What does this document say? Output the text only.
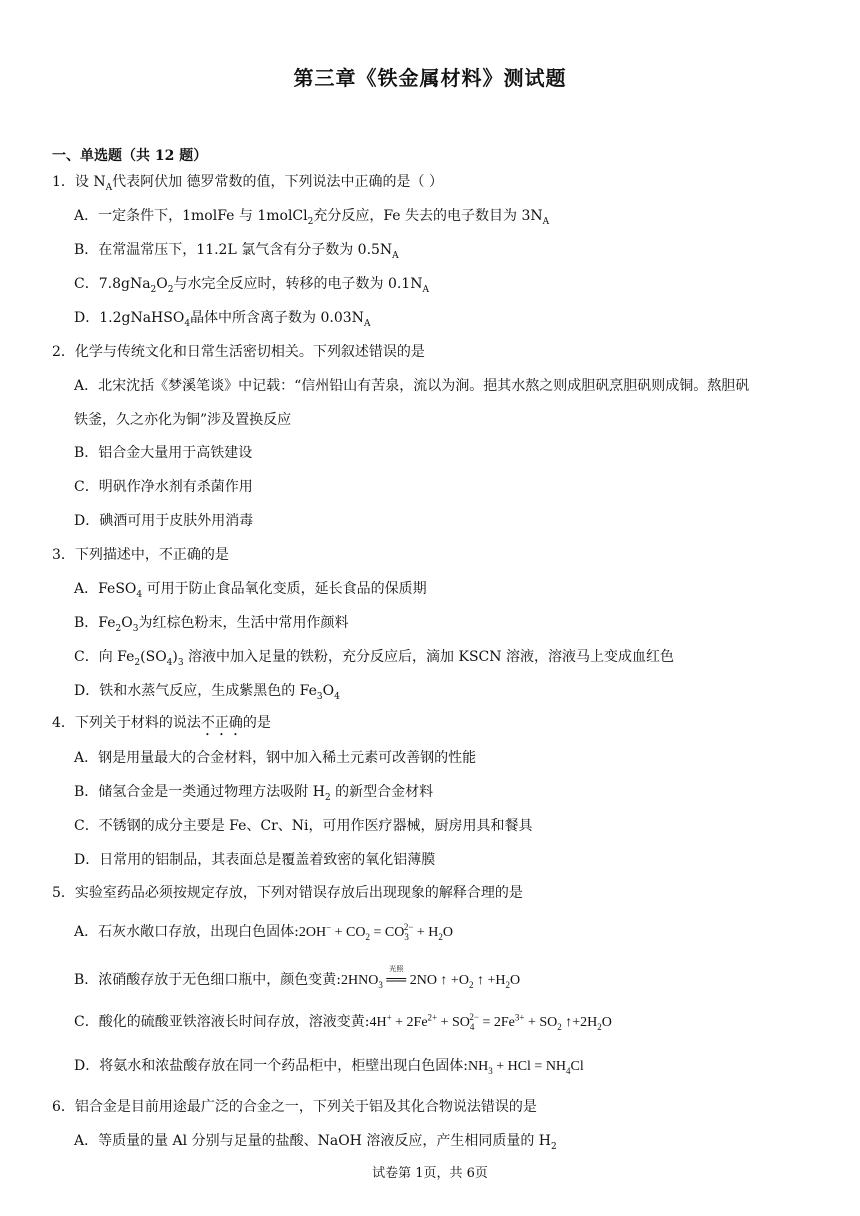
第三章《铁金属材料》测试题
一、单选题（共 12 题）
1．设 $N_A$代表阿伏加 德罗常数的值，下列说法中正确的是（ ）
A．一定条件下，1molFe 与 1molCl$_2$充分反应，Fe 失去的电子数目为 $3N_A$
B．在常温常压下，11.2L 氯气含有分子数为 $0.5N_A$
C．$7.8gNa_2O_2$与水完全反应时，转移的电子数为 $0.1N_A$
D．1.2gNaHSO$_4$晶体中所含离子数为 $0.03N_A$
2．化学与传统文化和日常生活密切相关。下列叙述错误的是
A．北宋沈括《梦溪笔谈》中记载：“信州铅山有苦泉，流以为涧。挹其水熬之则成胆矾烹胆矾则成铜。熬胆矾
铁釜，久之亦化为铜”涉及置换反应
B．铝合金大量用于高铁建设
C．明矾作净水剂有杀菌作用
D．碘酒可用于皮肤外用消毒
3．下列描述中，不正确的是
A．FeSO$_4$ 可用于防止食品氧化变质，延长食品的保质期
B．$Fe_2O_3$为红棕色粉末，生活中常用作颜料
C．向 $Fe_2(SO_4)_3$ 溶液中加入足量的铁粉，充分反应后，滴加 KSCN 溶液，溶液马上变成血红色
D．铁和水蒸气反应，生成紫黑色的 $Fe_3O_4$
4．下列关于材料的说法不正确的是
A．钢是用量最大的合金材料，钢中加入稀土元素可改善钢的性能
B．储氢合金是一类通过物理方法吸附 $H_2$ 的新型合金材料
C．不锈钢的成分主要是 Fe、Cr、Ni，可用作医疗器械，厨房用具和餐具
D．日常用的铝制品，其表面总是覆盖着致密的氧化铝薄膜
5．实验室药品必须按规定存放，下列对错误存放后出现现象的解释合理的是
A．石灰水敞口存放，出现白色固体:2OH− + $CO_2 = CO_3^{2-} + H_2O$
B．浓硝酸存放于无色细口瓶中，颜色变黄$:2HNO_3$
光照
══ 2NO ↑ $+O_2$ ↑ $+H_2O$
C．酸化的硫酸亚铁溶液长时间存放，溶液变黄:4H+ + $2Fe^{2+} + SO_4^{2-} = 2Fe^{3+} + SO_2$ $↑+2H_2O$
D．将氨水和浓盐酸存放在同一个药品柜中，柜壁出现白色固体$:NH_3$ + HCl = $NH_4Cl$
6．铝合金是目前用途最广泛的合金之一，下列关于铝及其化合物说法错误的是
A．等质量的量 Al 分别与足量的盐酸、NaOH 溶液反应，产生相同质量的 $H_2$
试卷第 1页，共 6页
